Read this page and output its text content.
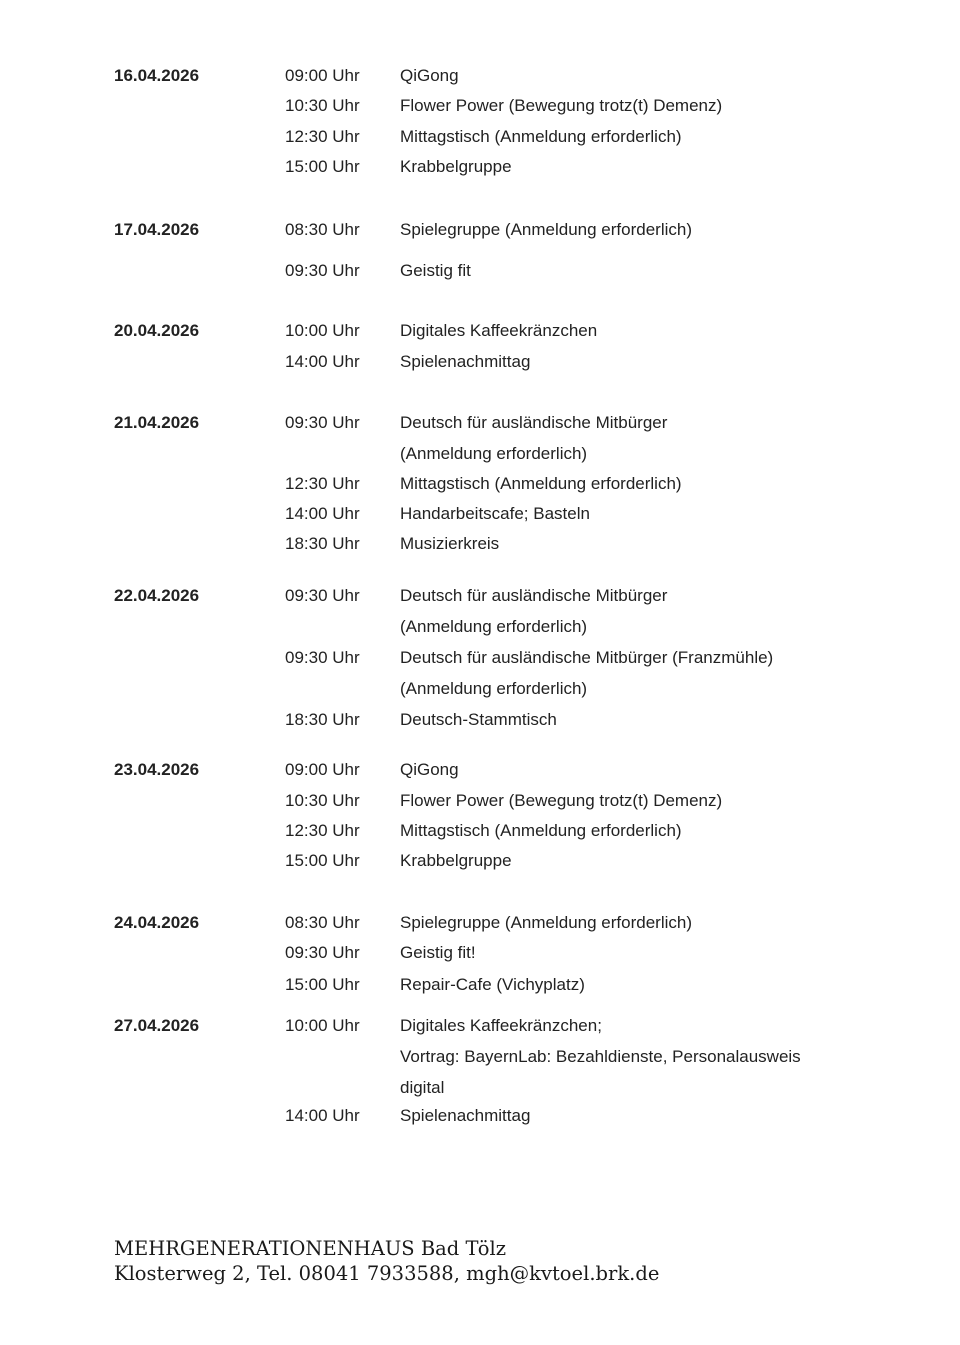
16.04.2026	09:00 Uhr QiGong
10:30 Uhr Flower Power (Bewegung trotz(t) Demenz)
12:30 Uhr Mittagstisch (Anmeldung erforderlich)
15:00 Uhr Krabbelgruppe
17.04.2026	08:30 Uhr Spielegruppe (Anmeldung erforderlich)
09:30 Uhr Geistig fit
20.04.2026	10:00 Uhr Digitales Kaffeekränzchen
14:00 Uhr Spielenachmittag
21.04.2026	09:30 Uhr Deutsch für ausländische Mitbürger
(Anmeldung erforderlich)
12:30 Uhr Mittagstisch (Anmeldung erforderlich)
14:00 Uhr Handarbeitscafe; Basteln
18:30 Uhr Musizierkreis
22.04.2026	09:30 Uhr Deutsch für ausländische Mitbürger
(Anmeldung erforderlich)
09:30 Uhr Deutsch für ausländische Mitbürger (Franzmühle)
(Anmeldung erforderlich)
18:30 Uhr Deutsch-Stammtisch
23.04.2026	09:00 Uhr QiGong
10:30 Uhr Flower Power (Bewegung trotz(t) Demenz)
12:30 Uhr Mittagstisch (Anmeldung erforderlich)
15:00 Uhr Krabbelgruppe
24.04.2026	08:30 Uhr Spielegruppe (Anmeldung erforderlich)
09:30 Uhr Geistig fit!
15:00 Uhr Repair-Cafe (Vichyplatz)
27.04.2026	10:00 Uhr Digitales Kaffeekränzchen;
Vortrag: BayernLab: Bezahldienste, Personalausweis
digital
14:00 Uhr Spielenachmittag
MEHRGENERATIONENHAUS Bad Tölz
Klosterweg 2, Tel. 08041 7933588, mgh@kvtoel.brk.de
